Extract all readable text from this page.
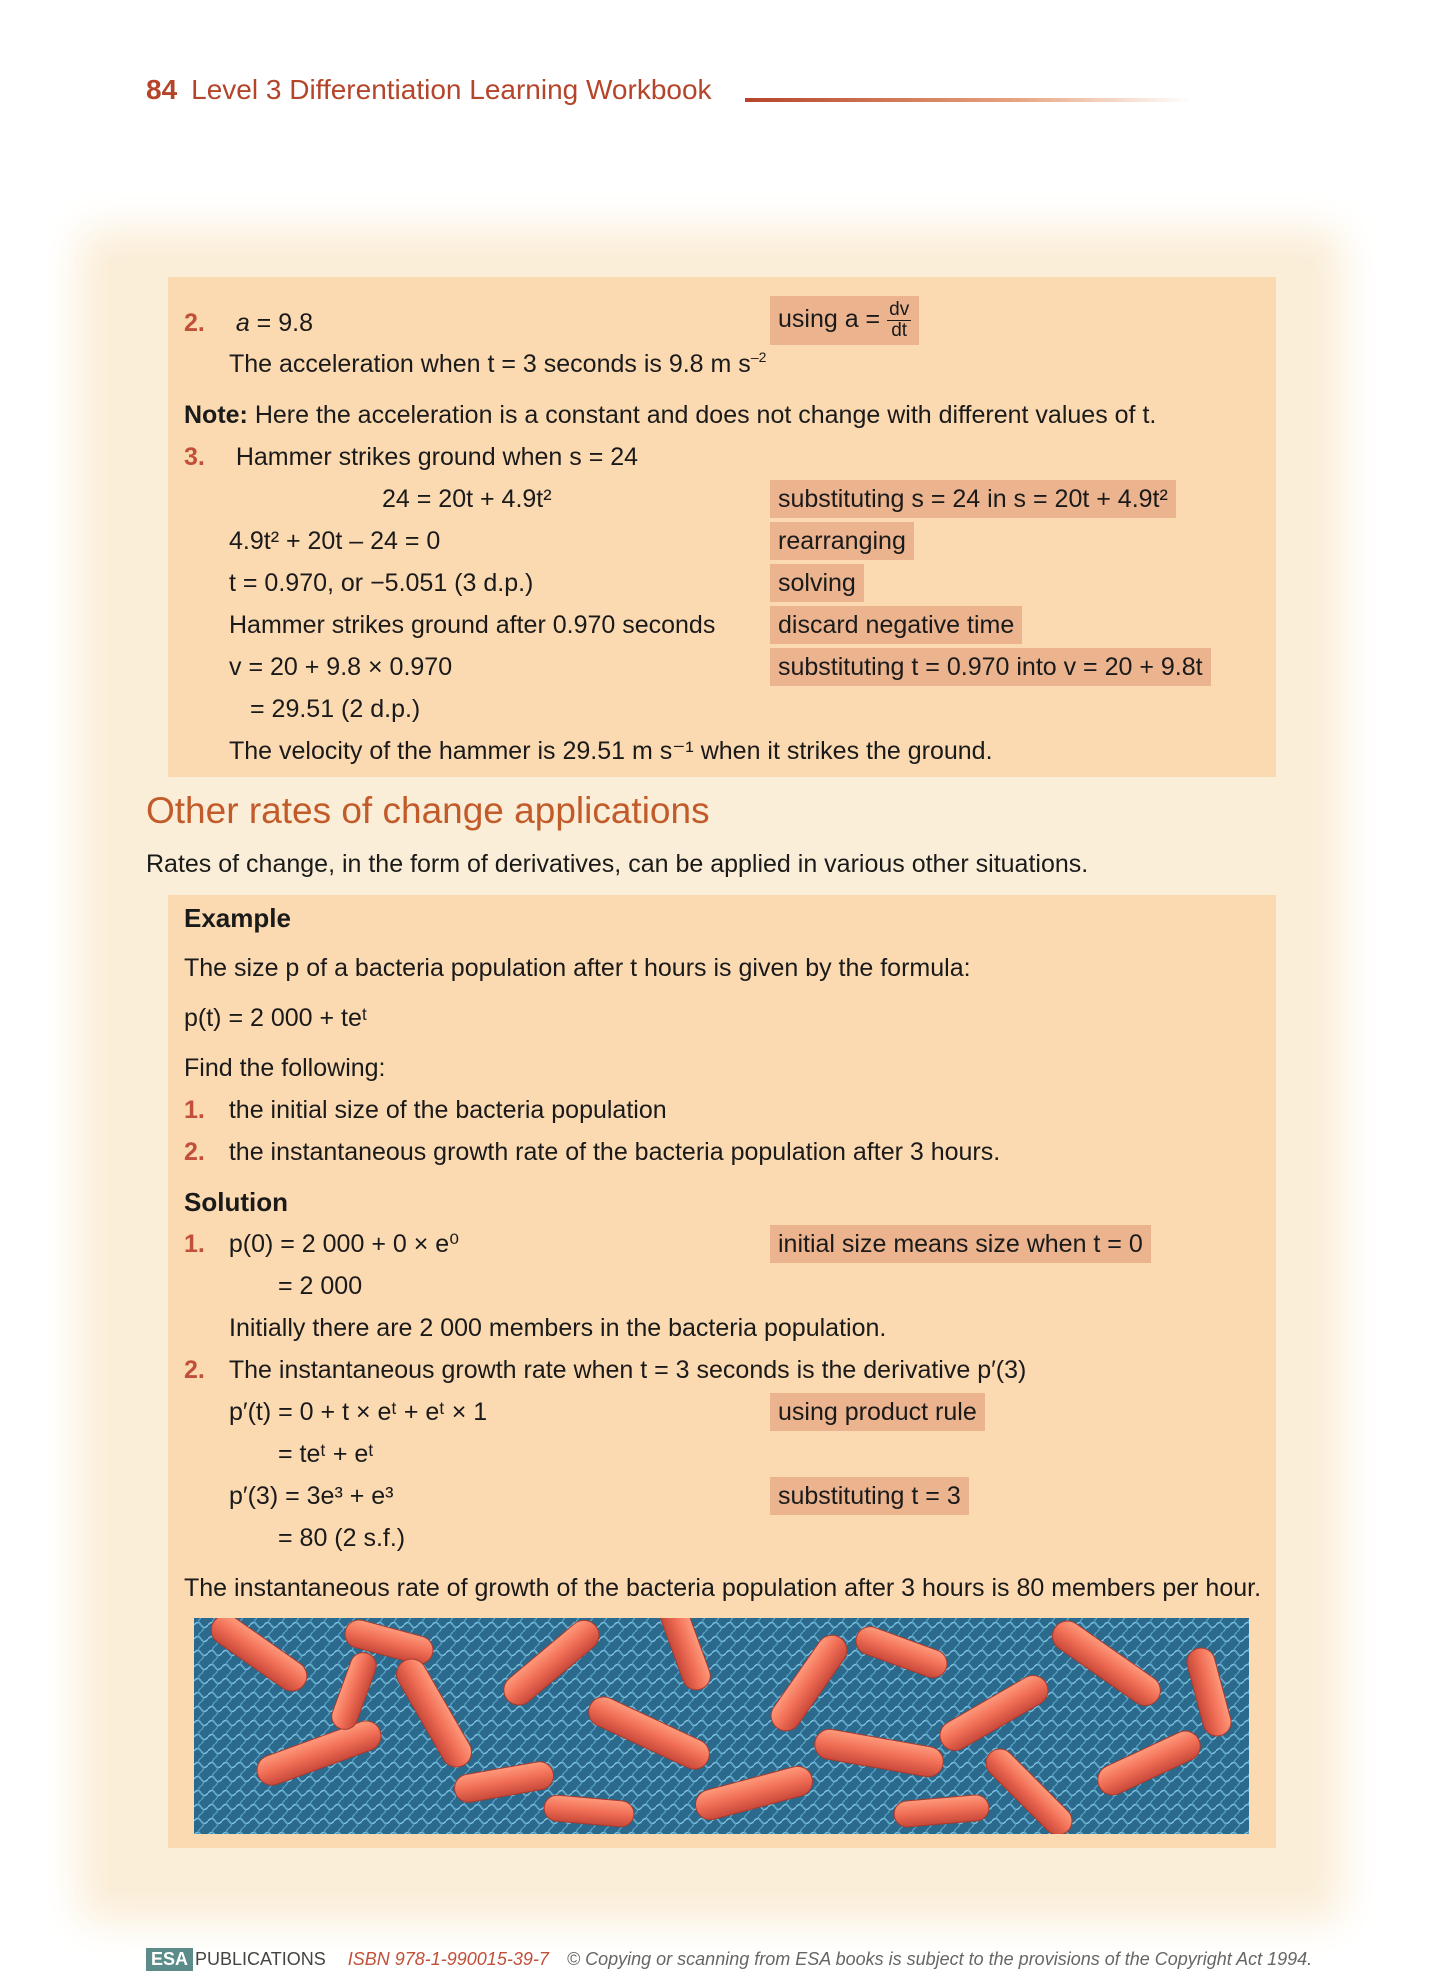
84 Level 3 Differentiation Learning Workbook
2. a = 9.8	using $a = \frac{dv}{dt}$
The acceleration when t = 3 seconds is 9.8 m $s^{-2}$
Note: Here the acceleration is a constant and does not change with different values of t.
3. Hammer strikes ground when s = 24
24 = 20t + 4.9t²	substituting s = 24 in s = 20t + 4.9t²
4.9t² + 20t – 24 = 0	rearranging
t = 0.970, or −5.051 (3 d.p.)	solving
Hammer strikes ground after 0.970 seconds	discard negative time
v = 20 + 9.8 × 0.970	substituting t = 0.970 into v = 20 + 9.8t
= 29.51 (2 d.p.)
The velocity of the hammer is 29.51 m s⁻¹ when it strikes the ground.
Other rates of change applications
Rates of change, in the form of derivatives, can be applied in various other situations.
Example
The size p of a bacteria population after t hours is given by the formula:
p(t) = 2 000 + teᵗ
Find the following:
1. the initial size of the bacteria population
2. the instantaneous growth rate of the bacteria population after 3 hours.
Solution
1. p(0) = 2 000 + 0 × e⁰	initial size means size when t = 0
= 2 000
Initially there are 2 000 members in the bacteria population.
2. The instantaneous growth rate when t = 3 seconds is the derivative p′(3)
p′(t) = 0 + t × eᵗ + eᵗ × 1	using product rule
= teᵗ + eᵗ
p′(3) = 3e³ + e³	substituting t = 3
= 80 (2 s.f.)
The instantaneous rate of growth of the bacteria population after 3 hours is 80 members per hour.
ESA PUBLICATIONS ISBN 978-1-990015-39-7 © Copying or scanning from ESA books is subject to the provisions of the Copyright Act 1994.
